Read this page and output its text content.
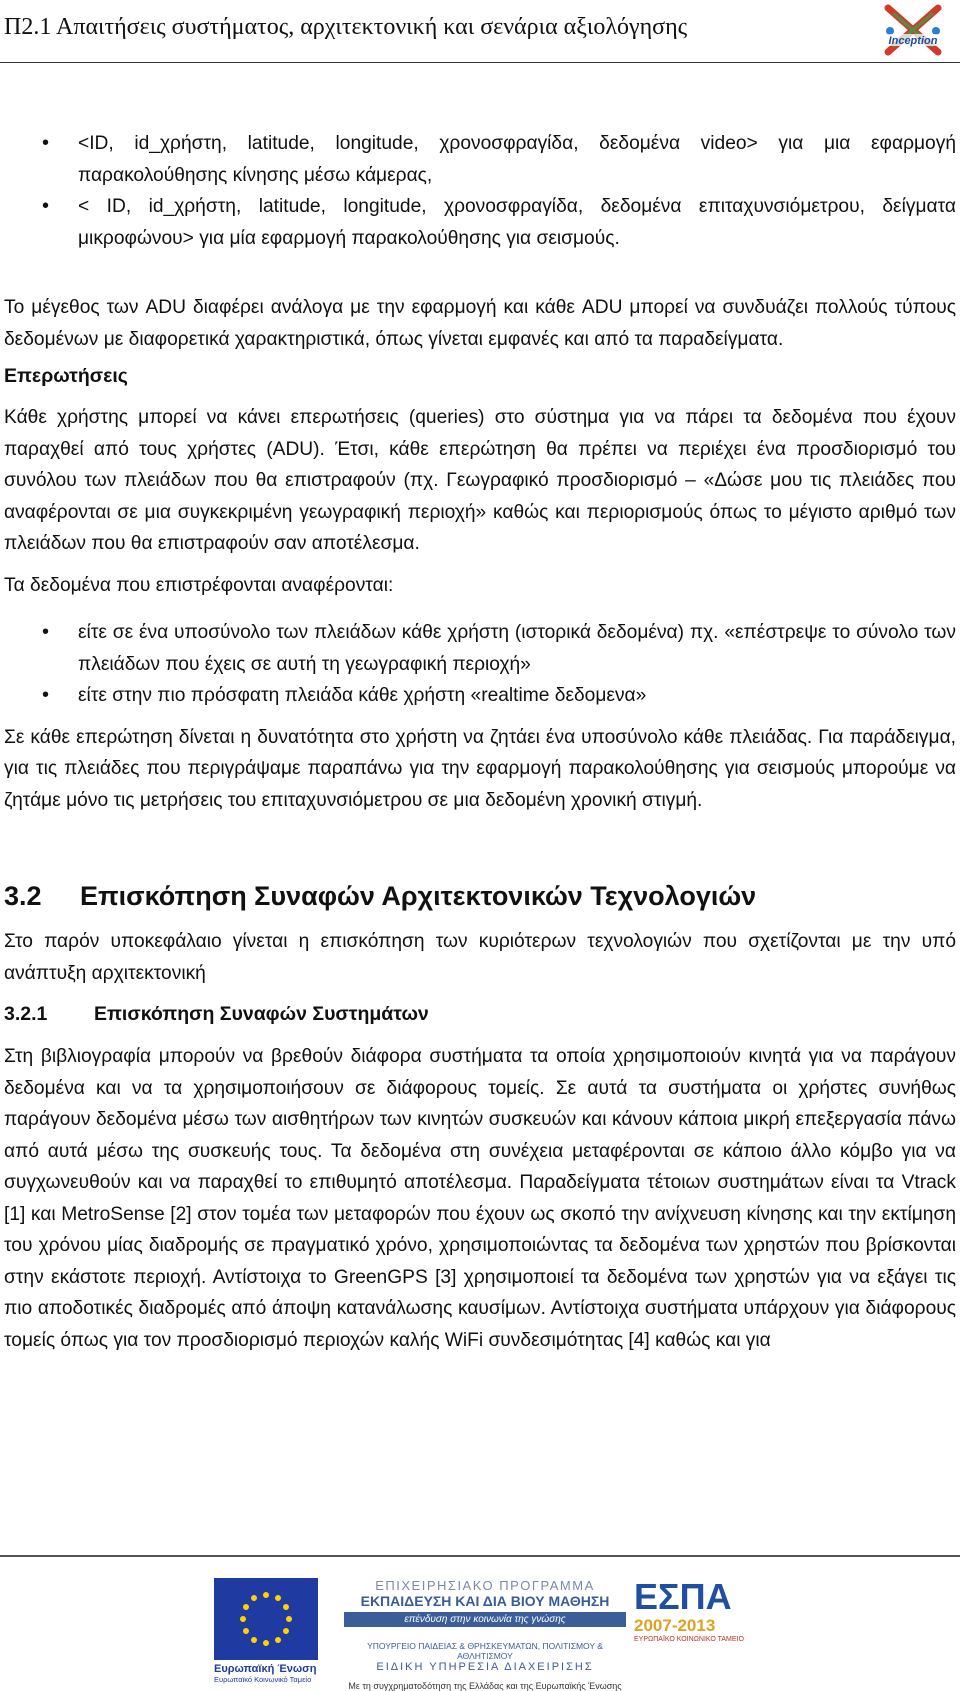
Π2.1 Απαιτήσεις συστήματος, αρχιτεκτονική και σενάρια αξιολόγησης
Inception
• <ID, id_χρήστη, latitude, longitude, χρονοσφραγίδα, δεδομένα video> για μια εφαρμογή παρακολούθησης κίνησης μέσω κάμερας,
• < ID, id_χρήστη, latitude, longitude, χρονοσφραγίδα, δεδομένα επιταχυνσιόμετρου, δείγματα μικροφώνου> για μία εφαρμογή παρακολούθησης για σεισμούς.

Το μέγεθος των ADU διαφέρει ανάλογα με την εφαρμογή και κάθε ADU μπορεί να συνδυάζει πολλούς τύπους δεδομένων με διαφορετικά χαρακτηριστικά, όπως γίνεται εμφανές και από τα παραδείγματα.

Επερωτήσεις

Κάθε χρήστης μπορεί να κάνει επερωτήσεις (queries) στο σύστημα για να πάρει τα δεδομένα που έχουν παραχθεί από τους χρήστες (ADU). Έτσι, κάθε επερώτηση θα πρέπει να περιέχει ένα προσδιορισμό του συνόλου των πλειάδων που θα επιστραφούν (πχ. Γεωγραφικό προσδιορισμό – «Δώσε μου τις πλειάδες που αναφέρονται σε μια συγκεκριμένη γεωγραφική περιοχή» καθώς και περιορισμούς όπως το μέγιστο αριθμό των πλειάδων που θα επιστραφούν σαν αποτέλεσμα.

Τα δεδομένα που επιστρέφονται αναφέρονται:

• είτε σε ένα υποσύνολο των πλειάδων κάθε χρήστη (ιστορικά δεδομένα) πχ. «επέστρεψε το σύνολο των πλειάδων που έχεις σε αυτή τη γεωγραφική περιοχή»
• είτε στην πιο πρόσφατη πλειάδα κάθε χρήστη «realtime δεδομενα»

Σε κάθε επερώτηση δίνεται η δυνατότητα στο χρήστη να ζητάει ένα υποσύνολο κάθε πλειάδας. Για παράδειγμα, για τις πλειάδες που περιγράψαμε παραπάνω για την εφαρμογή παρακολούθησης για σεισμούς μπορούμε να ζητάμε μόνο τις μετρήσεις του επιταχυνσιόμετρου σε μια δεδομένη χρονική στιγμή.

3.2 Επισκόπηση Συναφών Αρχιτεκτονικών Τεχνολογιών

Στο παρόν υποκεφάλαιο γίνεται η επισκόπηση των κυριότερων τεχνολογιών που σχετίζονται με την υπό ανάπτυξη αρχιτεκτονική

3.2.1 Επισκόπηση Συναφών Συστημάτων

Στη βιβλιογραφία μπορούν να βρεθούν διάφορα συστήματα τα οποία χρησιμοποιούν κινητά για να παράγουν δεδομένα και να τα χρησιμοποιήσουν σε διάφορους τομείς. Σε αυτά τα συστήματα οι χρήστες συνήθως παράγουν δεδομένα μέσω των αισθητήρων των κινητών συσκευών και κάνουν κάποια μικρή επεξεργασία πάνω από αυτά μέσω της συσκευής τους. Τα δεδομένα στη συνέχεια μεταφέρονται σε κάποιο άλλο κόμβο για να συγχωνευθούν και να παραχθεί το επιθυμητό αποτέλεσμα. Παραδείγματα τέτοιων συστημάτων είναι τα Vtrack [1] και MetroSense [2] στον τομέα των μεταφορών που έχουν ως σκοπό την ανίχνευση κίνησης και την εκτίμηση του χρόνου μίας διαδρομής σε πραγματικό χρόνο, χρησιμοποιώντας τα δεδομένα των χρηστών που βρίσκονται στην εκάστοτε περιοχή. Αντίστοιχα το GreenGPS [3] χρησιμοποιεί τα δεδομένα των χρηστών για να εξάγει τις πιο αποδοτικές διαδρομές από άποψη κατανάλωσης καυσίμων. Αντίστοιχα συστήματα υπάρχουν για διάφορους τομείς όπως για τον προσδιορισμό περιοχών καλής WiFi συνδεσιμότητας [4] καθώς και για

Ευρωπαϊκή Ένωση
Ευρωπαϊκό Κοινωνικό Ταμείο
ΕΠΙΧΕΙΡΗΣΙΑΚΟ ΠΡΟΓΡΑΜΜΑ
ΕΚΠΑΙΔΕΥΣΗ ΚΑΙ ΔΙΑ ΒΙΟΥ ΜΑΘΗΣΗ
επένδυση στην κοινωνία της γνώσης
ΥΠΟΥΡΓΕΙΟ ΠΑΙΔΕΙΑΣ & ΘΡΗΣΚΕΥΜΑΤΩΝ, ΠΟΛΙΤΙΣΜΟΥ & ΑΘΛΗΤΙΣΜΟΥ
ΕΙΔΙΚΗ ΥΠΗΡΕΣΙΑ ΔΙΑΧΕΙΡΙΣΗΣ
Με τη συγχρηματοδότηση της Ελλάδας και της Ευρωπαϊκής Ένωσης
ΕΣΠΑ
2007-2013
ΕΥΡΩΠΑΪΚΟ ΚΟΙΝΩΝΙΚΟ ΤΑΜΕΙΟ
